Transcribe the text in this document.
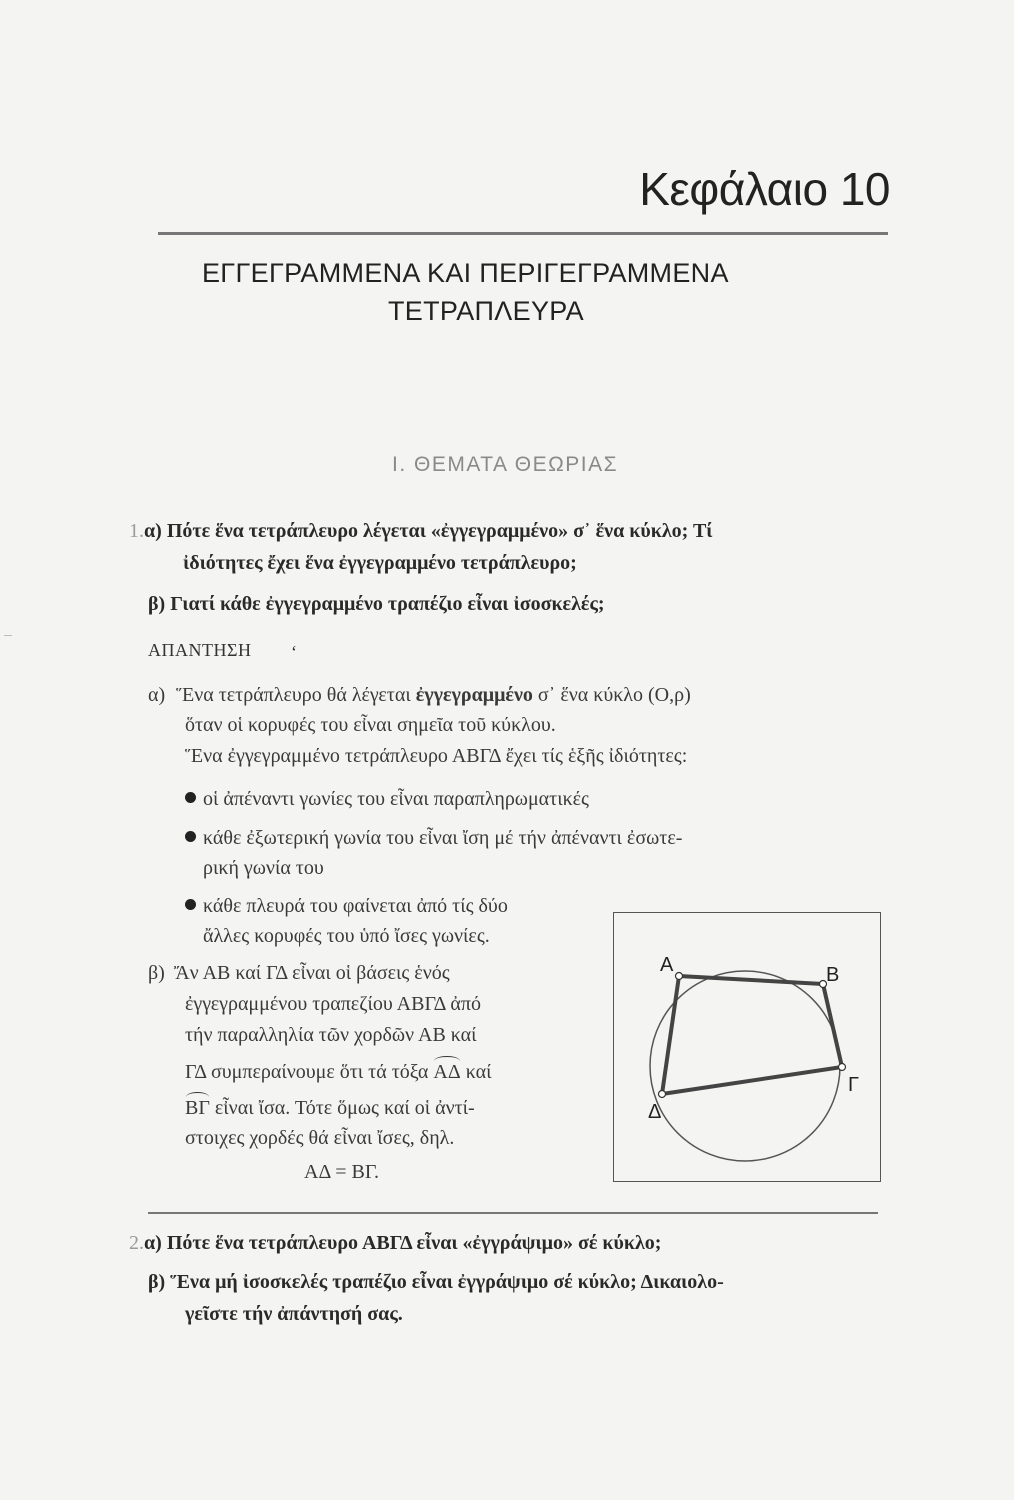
Κεφάλαιο 10
ΕΓΓΕΓΡΑΜΜΕΝΑ ΚΑΙ ΠΕΡΙΓΕΓΡΑΜΜΕΝΑ
ΤΕΤΡΑΠΛΕΥΡΑ
Ι. ΘΕΜΑΤΑ ΘΕΩΡΙΑΣ
1.α) Πότε ἕνα τετράπλευρο λέγεται «ἐγγεγραμμένο» σ᾽ ἕνα κύκλο; Τί
ἰδιότητες ἔχει ἕνα ἐγγεγραμμένο τετράπλευρο;
β) Γιατί κάθε ἐγγεγραμμένο τραπέζιο εἶναι ἰσοσκελές;
ΑΠΑΝΤΗΣΗ ‘
α) Ἕνα τετράπλευρο θά λέγεται ἐγγεγραμμένο σ᾽ ἕνα κύκλο (Ο,ρ)
ὅταν οἱ κορυφές του εἶναι σημεῖα τοῦ κύκλου.
Ἕνα ἐγγεγραμμένο τετράπλευρο ΑΒΓΔ ἔχει τίς ἑξῆς ἰδιότητες:
οἱ ἀπέναντι γωνίες του εἶναι παραπληρωματικές
κάθε ἐξωτερική γωνία του εἶναι ἴση μέ τήν ἀπέναντι ἐσωτε-
ρική γωνία του
κάθε πλευρά του φαίνεται ἀπό τίς δύο
ἄλλες κορυφές του ὑπό ἴσες γωνίες.
β) Ἄν ΑΒ καί ΓΔ εἶναι οἱ βάσεις ἑνός
ἐγγεγραμμένου τραπεζίου ΑΒΓΔ ἀπό
τήν παραλληλία τῶν χορδῶν ΑΒ καί
ΓΔ συμπεραίνουμε ὅτι τά τόξα ΑΔ καί
ΒΓ εἶναι ἴσα. Τότε ὅμως καί οἱ ἀντί-
στοιχες χορδές θά εἶναι ἴσες, δηλ.
ΑΔ = ΒΓ.
Α	Β
Γ
Δ
2.α) Πότε ἕνα τετράπλευρο ΑΒΓΔ εἶναι «ἐγγράψιμο» σέ κύκλο;
β) Ἕνα μή ἰσοσκελές τραπέζιο εἶναι ἐγγράψιμο σέ κύκλο; Δικαιολο-
γεῖστε τήν ἀπάντησή σας.
